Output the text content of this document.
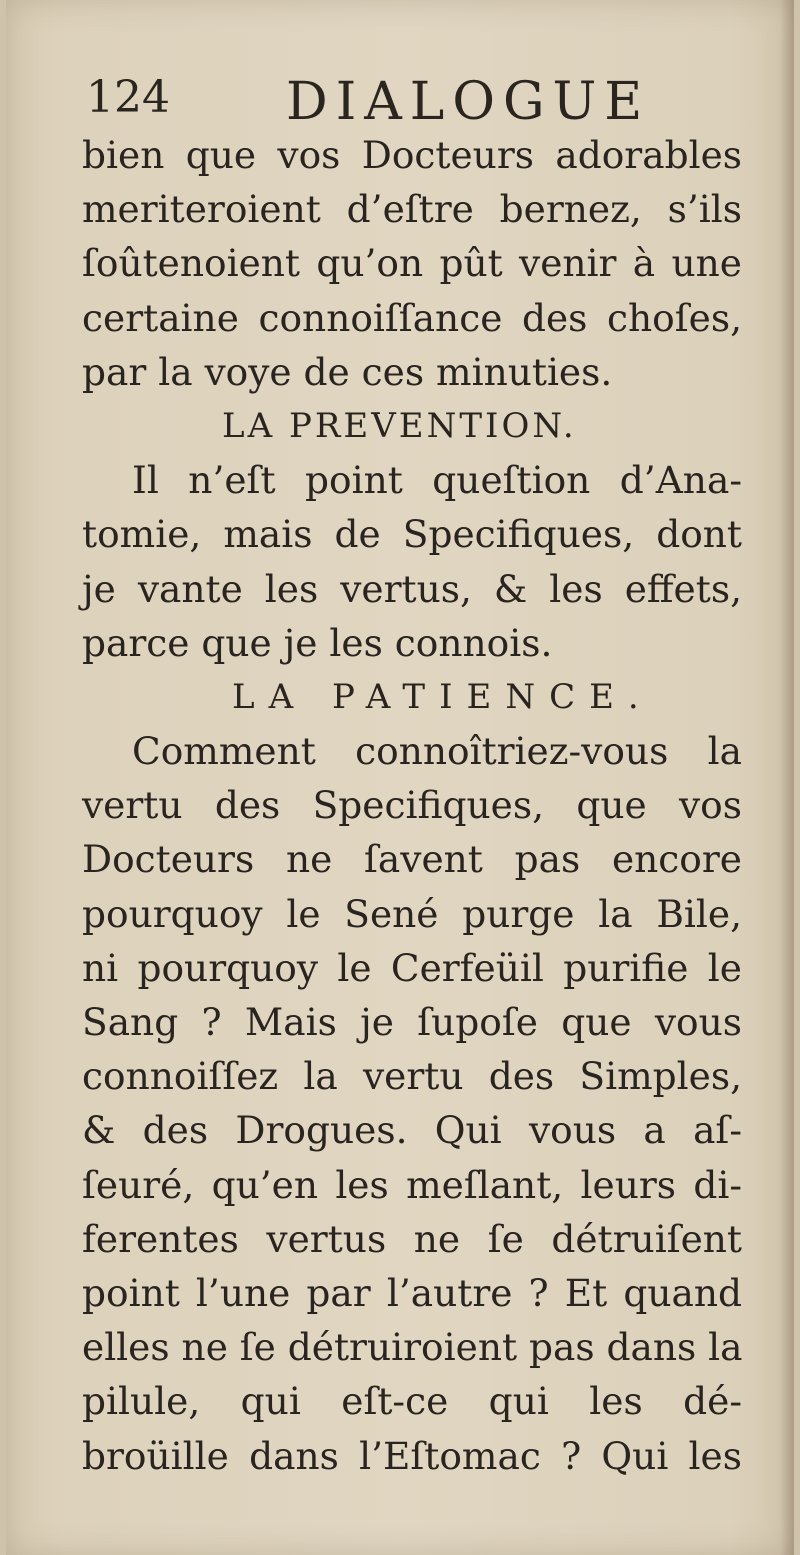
124 DIALOGUE
bien que vos Docteurs adorables
meriteroient d’eſtre bernez, s’ils
ſoûtenoient qu’on pût venir à une
certaine connoiſſance des choſes,
par la voye de ces minuties.
LA PREVENTION.
Il n’eſt point queſtion d’Ana-
tomie, mais de Specifiques, dont
je vante les vertus, & les effets,
parce que je les connois.
LA PATIENCE.
Comment connoîtriez-vous la
vertu des Specifiques, que vos
Docteurs ne ſavent pas encore
pourquoy le Sené purge la Bile,
ni pourquoy le Cerfeüil purifie le
Sang ? Mais je ſupoſe que vous
connoiſſez la vertu des Simples,
& des Drogues. Qui vous a aſ-
ſeuré, qu’en les meſlant, leurs di-
ferentes vertus ne ſe détruiſent
point l’une par l’autre ? Et quand
elles ne ſe détruiroient pas dans la
pilule, qui eſt-ce qui les dé-
broüille dans l’Eſtomac ? Qui les
